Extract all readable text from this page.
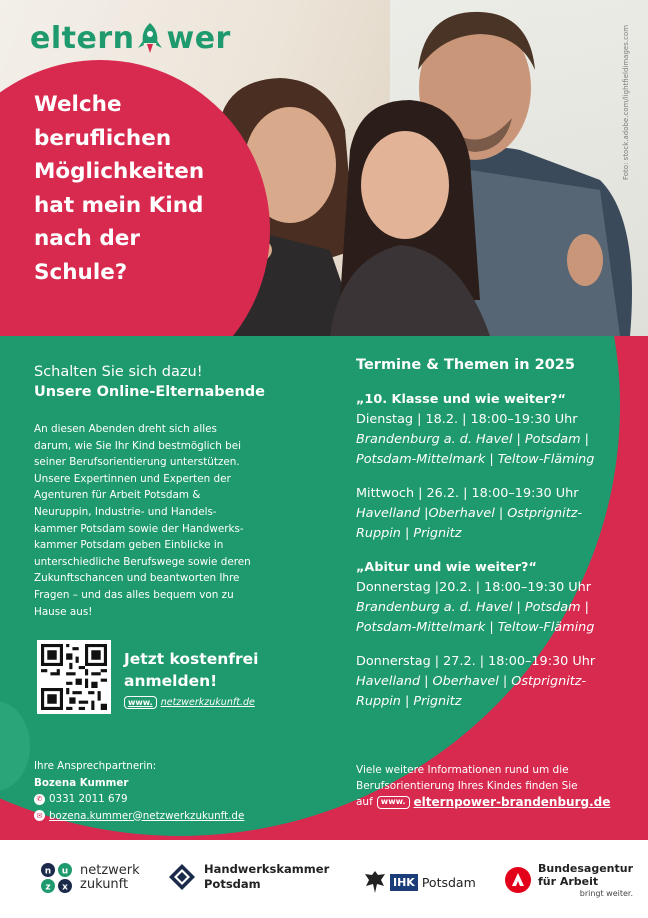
eltern wer
Welche
beruflichen
Möglichkeiten
hat mein Kind
nach der
Schule?
Foto: stock.adobe.com/lightfieldimages.com
Schalten Sie sich dazu!
Unsere Online-Elternabende
An diesen Abenden dreht sich alles
darum, wie Sie Ihr Kind bestmöglich bei
seiner Berufsorientierung unterstützen.
Unsere Expertinnen und Experten der
Agenturen für Arbeit Potsdam &
Neuruppin, Industrie- und Handels-
kammer Potsdam sowie der Handwerks-
kammer Potsdam geben Einblicke in
unterschiedliche Berufswege sowie deren
Zukunftschancen und beantworten Ihre
Fragen – und das alles bequem von zu
Hause aus!
Jetzt kostenfrei
anmelden!
www. netzwerkzukunft.de
Ihre Ansprechpartnerin:
Bozena Kummer
✆ 0331 2011 679
✉ bozena.kummer@netzwerkzukunft.de
Termine & Themen in 2025
„10. Klasse und wie weiter?“
Dienstag | 18.2. | 18:00–19:30 Uhr
Brandenburg a. d. Havel | Potsdam |
Potsdam-Mittelmark | Teltow-Fläming
Mittwoch | 26.2. | 18:00–19:30 Uhr
Havelland |Oberhavel | Ostprignitz-
Ruppin | Prignitz
„Abitur und wie weiter?“
Donnerstag |20.2. | 18:00–19:30 Uhr
Brandenburg a. d. Havel | Potsdam |
Potsdam-Mittelmark | Teltow-Fläming
Donnerstag | 27.2. | 18:00–19:30 Uhr
Havelland | Oberhavel | Ostprignitz-
Ruppin | Prignitz
Viele weitere Informationen rund um die
Berufsorientierung Ihres Kindes finden Sie
auf	www. elternpower-brandenburg.de
n u
z x
netzwerk
zukunft
Handwerkskammer
Potsdam	IHK Potsdam
Bundesagentur
für Arbeit
bringt weiter.
